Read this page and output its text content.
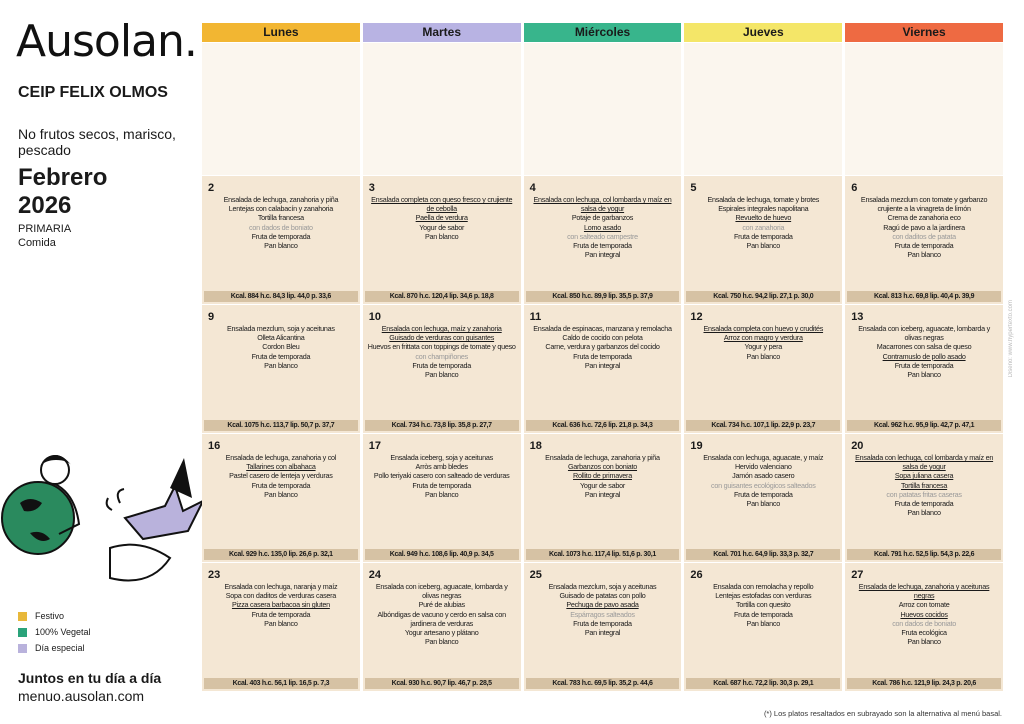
Ausolan.
CEIP FELIX OLMOS
No frutos secos, marisco, pescado
Febrero
2026
PRIMARIA
Comida
Festivo
100% Vegetal
Día especial
Juntos en tu día a día
menuo.ausolan.com
Lunes	Martes	Miércoles	Jueves	Viernes
2
Ensalada de lechuga, zanahoria y piña
Lentejas con calabacín y zanahoria
Tortilla francesa
con dados de boniato
Fruta de temporada
Pan blanco
Kcal. 884 h.c. 84,3 lip. 44,0 p. 33,6
3
Ensalada completa con queso fresco y crujiente de cebolla
Paella de verdura
Yogur de sabor
Pan blanco
Kcal. 870 h.c. 120,4 lip. 34,6 p. 18,8
4
Ensalada con lechuga, col lombarda y maíz en salsa de yogur
Potaje de garbanzos
Lomo asado
con salteado campestre
Fruta de temporada
Pan integral
Kcal. 850 h.c. 89,9 lip. 35,5 p. 37,9
5
Ensalada de lechuga, tomate y brotes
Espirales integrales napolitana
Revuelto de huevo
con zanahoria
Fruta de temporada
Pan blanco
Kcal. 750 h.c. 94,2 lip. 27,1 p. 30,0
6
Ensalada mezclum con tomate y garbanzo crujiente a la vinagreta de limón
Crema de zanahoria eco
Ragú de pavo a la jardinera
con daditos de patata
Fruta de temporada
Pan blanco
Kcal. 813 h.c. 69,8 lip. 40,4 p. 39,9
9
Ensalada mezclum, soja y aceitunas
Olleta Alicantina
Cordon Bleu
Fruta de temporada
Pan blanco
Kcal. 1075 h.c. 113,7 lip. 50,7 p. 37,7
10
Ensalada con lechuga, maíz y zanahoria
Guisado de verduras con guisantes
Huevos en frittata con toppings de tomate y queso
con champiñones
Fruta de temporada
Pan blanco
Kcal. 734 h.c. 73,8 lip. 35,8 p. 27,7
11
Ensalada de espinacas, manzana y remolacha
Caldo de cocido con pelota
Carne, verdura y garbanzos del cocido
Fruta de temporada
Pan integral
Kcal. 636 h.c. 72,6 lip. 21,8 p. 34,3
12
Ensalada completa con huevo y crudités
Arroz con magro y verdura
Yogur y pera
Pan blanco
Kcal. 734 h.c. 107,1 lip. 22,9 p. 23,7
13
Ensalada con iceberg, aguacate, lombarda y olivas negras
Macarrones con salsa de queso
Contramuslo de pollo asado
Fruta de temporada
Pan blanco
Kcal. 962 h.c. 95,9 lip. 42,7 p. 47,1
16
Ensalada de lechuga, zanahoria y col
Tallarines con albahaca
Pastel casero de lenteja y verduras
Fruta de temporada
Pan blanco
Kcal. 929 h.c. 135,0 lip. 26,6 p. 32,1
17
Ensalada iceberg, soja y aceitunas
Arròs amb bledes
Pollo teriyaki casero con salteado de verduras
Fruta de temporada
Pan blanco
Kcal. 949 h.c. 108,6 lip. 40,9 p. 34,5
18
Ensalada de lechuga, zanahoria y piña
Garbanzos con boniato
Rollito de primavera
Yogur de sabor
Pan integral
Kcal. 1073 h.c. 117,4 lip. 51,6 p. 30,1
19
Ensalada con lechuga, aguacate, y maíz
Hervido valenciano
Jamón asado casero
con guisantes ecológicos salteados
Fruta de temporada
Pan blanco
Kcal. 701 h.c. 64,9 lip. 33,3 p. 32,7
20
Ensalada con lechuga, col lombarda y maíz en salsa de yogur
Sopa juliana casera
Tortilla francesa
con patatas fritas caseras
Fruta de temporada
Pan blanco
Kcal. 791 h.c. 52,5 lip. 54,3 p. 22,6
23
Ensalada con lechuga, naranja y maíz
Sopa con daditos de verduras casera
Pizza casera barbacoa sin gluten
Fruta de temporada
Pan blanco
Kcal. 403 h.c. 56,1 lip. 16,5 p. 7,3
24
Ensalada con iceberg, aguacate, lombarda y olivas negras
Puré de alubias
Albóndigas de vacuno y cerdo en salsa con jardinera de verduras
Yogur artesano y plátano
Pan blanco
Kcal. 930 h.c. 90,7 lip. 46,7 p. 28,5
25
Ensalada mezclum, soja y aceitunas
Guisado de patatas con pollo
Pechuga de pavo asada
Espárragos salteados
Fruta de temporada
Pan integral
Kcal. 783 h.c. 69,5 lip. 35,2 p. 44,6
26
Ensalada con remolacha y repollo
Lentejas estofadas con verduras
Tortilla con quesito
Fruta de temporada
Pan blanco
Kcal. 687 h.c. 72,2 lip. 30,3 p. 29,1
27
Ensalada de lechuga, zanahoria y aceitunas negras
Arroz con tomate
Huevos cocidos
con dados de boniato
Fruta ecológica
Pan blanco
Kcal. 786 h.c. 121,9 lip. 24,3 p. 20,6
Diseño: www.hypertexto.com
(*) Los platos resaltados en subrayado son la alternativa al menú basal.
